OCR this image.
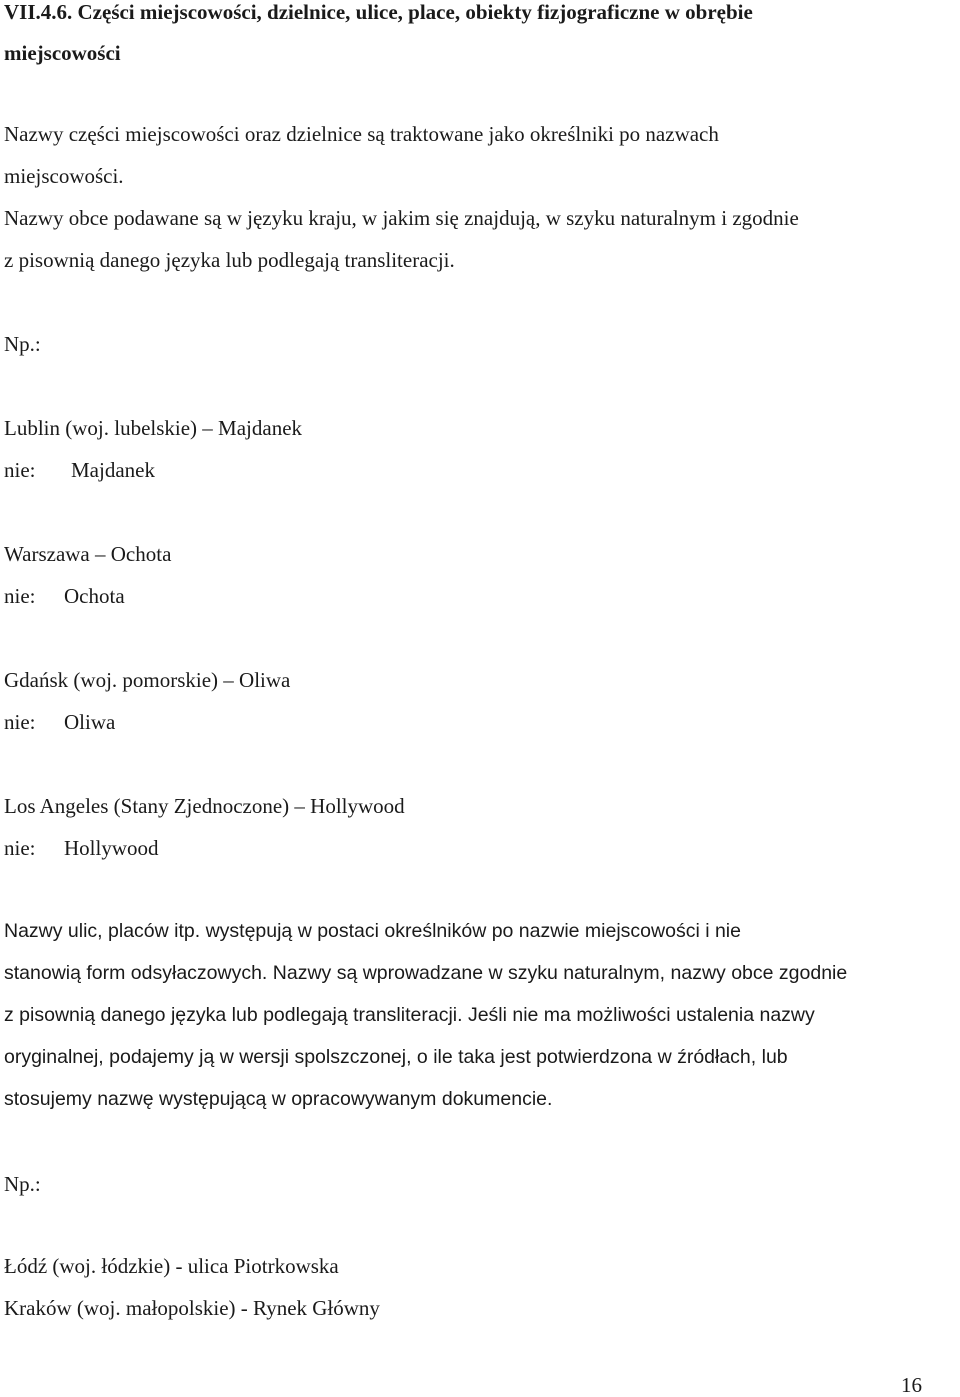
VII.4.6. Części miejscowości, dzielnice, ulice, place, obiekty fizjograficzne w obrębie
miejscowości
Nazwy części miejscowości oraz dzielnice są traktowane jako określniki po nazwach
miejscowości.
Nazwy obce podawane są w języku kraju, w jakim się znajdują, w szyku naturalnym i zgodnie
z pisownią danego języka lub podlegają transliteracji.
Np.:
Lublin (woj. lubelskie) – Majdanek
nie: Majdanek
Warszawa – Ochota
nie: Ochota
Gdańsk (woj. pomorskie) – Oliwa
nie: Oliwa
Los Angeles (Stany Zjednoczone) – Hollywood
nie: Hollywood
Nazwy ulic, placów itp. występują w postaci określników po nazwie miejscowości i nie
stanowią form odsyłaczowych. Nazwy są wprowadzane w szyku naturalnym, nazwy obce zgodnie
z pisownią danego języka lub podlegają transliteracji. Jeśli nie ma możliwości ustalenia nazwy
oryginalnej, podajemy ją w wersji spolszczonej, o ile taka jest potwierdzona w źródłach, lub
stosujemy nazwę występującą w opracowywanym dokumencie.
Np.:
Łódź (woj. łódzkie) - ulica Piotrkowska
Kraków (woj. małopolskie) - Rynek Główny
16
